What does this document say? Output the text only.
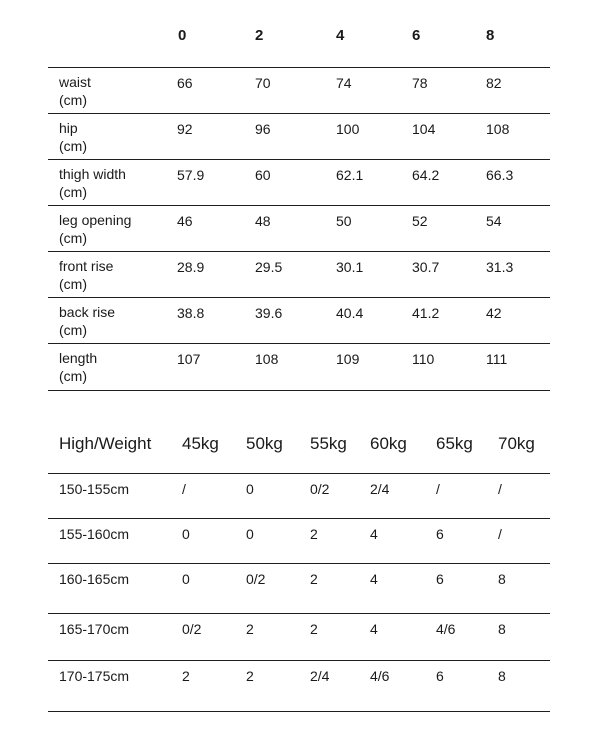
0	2	4	6	8
waist
(cm)
66	70	74	78	82
hip
(cm)
92	96	100	104	108
thigh width
(cm)
57.9	60	62.1	64.2	66.3
leg opening
(cm)
46	48	50	52	54
front rise
(cm)
28.9	29.5	30.1	30.7	31.3
back rise
(cm)
38.8	39.6	40.4	41.2	42
length
(cm)
107	108	109	110	111
High/Weight 45kg 50kg 55kg 60kg 65kg 70kg
150-155cm	/	0	0/2	2/4	/	/
155-160cm	0	0	2	4	6	/
160-165cm	0	0/2	2	4	6	8
165-170cm	0/2	2	2	4	4/6	8
170-175cm	2	2	2/4	4/6	6	8
